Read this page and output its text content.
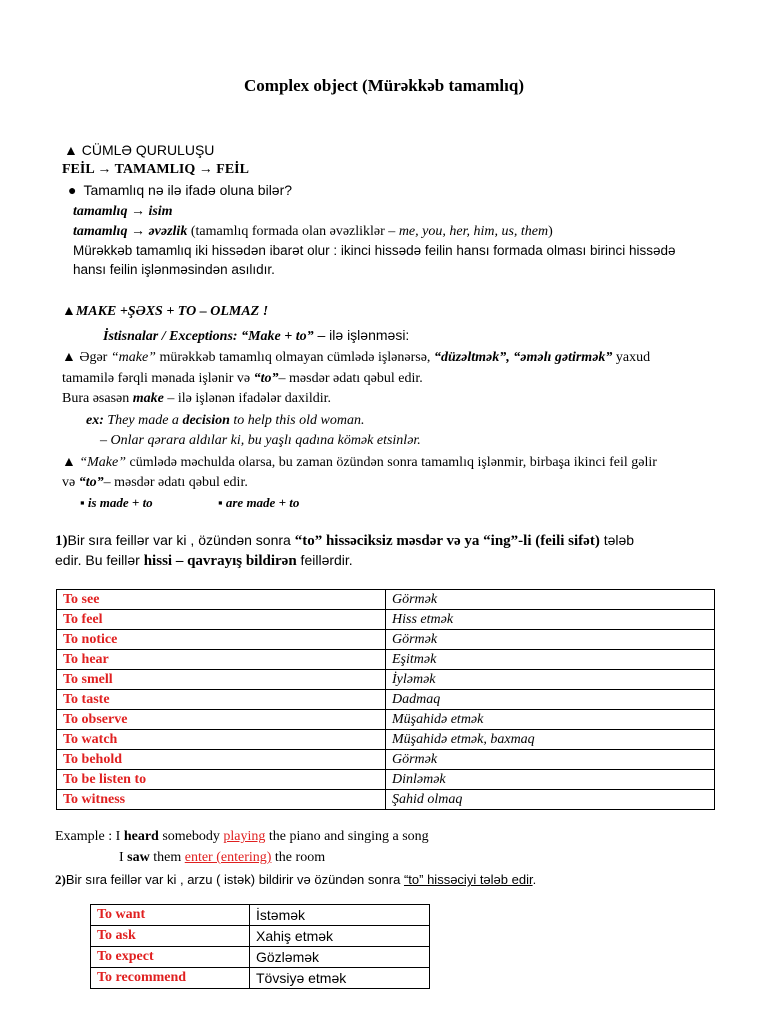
Complex object (Mürəkkəb tamamlıq)
▲ CÜMLƏ QURULUŞU
FEİL → TAMAMLIQ → FEİL
●  Tamamlıq nə ilə ifadə oluna bilər?
tamamlıq → isim
tamamlıq → əvəzlik (tamamlıq formada olan əvəzliklər – me, you, her, him, us, them)
Mürəkkəb tamamlıq iki hissədən ibarət olur : ikinci hissədə feilin hansı formada olması birinci hissədə
hansı feilin işlənməsindən asılıdır.
▲MAKE +ŞƏXS + TO – OLMAZ !
İstisnalar / Exceptions: “Make + to” – ilə işlənməsi:
▲ Əgər “make” mürəkkəb tamamlıq olmayan cümlədə işlənərsə, “düzəltmək”, “əməlı gətirmək” yaxud
tamamilə fərqli mənada işlənir və “to”– məsdər ədatı qəbul edir.
Bura əsasən make – ilə işlənən ifadələr daxildir.
ex: They made a decision to help this old woman.
– Onlar qərara aldılar ki, bu yaşlı qadına kömək etsinlər.
▲ “Make” cümlədə məchulda olarsa, bu zaman özündən sonra tamamlıq işlənmir, birbaşa ikinci feil gəlir
və “to”– məsdər ədatı qəbul edir.
▪ is made + to	▪ are made + to
1)Bir sıra feillər var ki , özündən sonra “to” hissəciksiz məsdər və ya “ing”-li (feili sifət) tələb
edir. Bu feillər hissi – qavrayış bildirən feillərdir.
To see	Görmək
To feel	Hiss etmək
To notice	Görmək
To hear	Eşitmək
To smell	İyləmək
To taste	Dadmaq
To observe	Müşahidə etmək
To watch	Müşahidə etmək, baxmaq
To behold	Görmək
To be listen to	Dinləmək
To witness	Şahid olmaq
Example : I heard somebody playing the piano and singing a song
I saw them enter (entering) the room
2)Bir sıra feillər var ki , arzu ( istək) bildirir və özündən sonra “to” hissəciyi tələb edir.
To want	İstəmək
To ask	Xahiş etmək
To expect	Gözləmək
To recommend	Tövsiyə etmək
